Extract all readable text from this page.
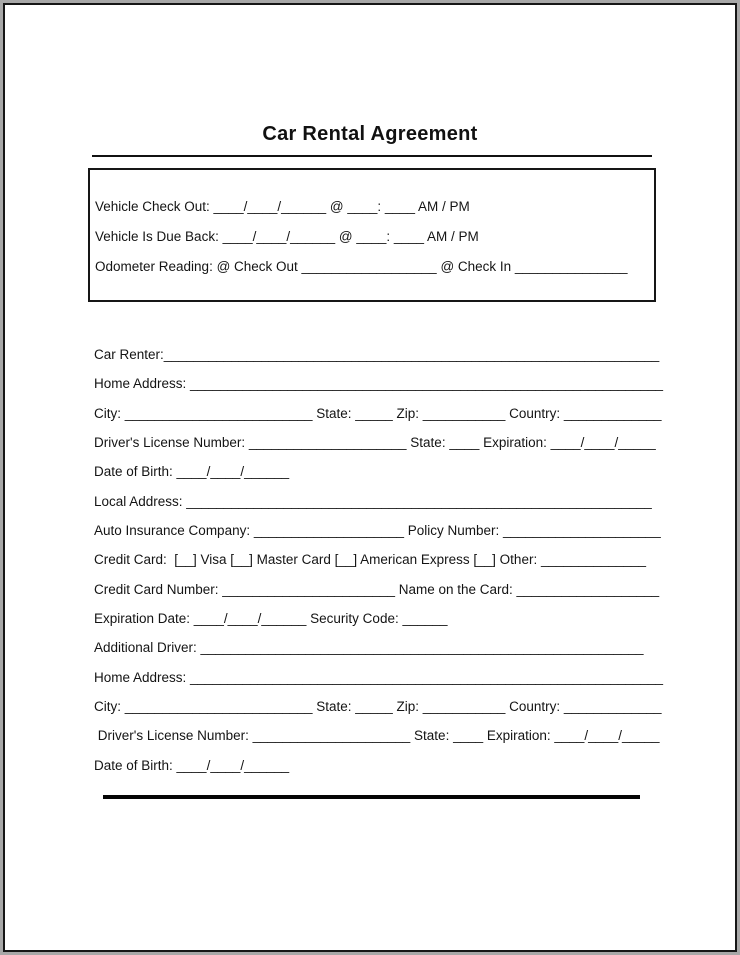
Car Rental Agreement
Vehicle Check Out: ____/____/______ @ ____: ____ AM / PM
Vehicle Is Due Back: ____/____/______ @ ____: ____ AM / PM
Odometer Reading: @ Check Out __________________ @ Check In _______________
Car Renter:__________________________________________________________________
Home Address: _______________________________________________________________
City: _________________________ State: _____ Zip: ___________ Country: _____________
Driver's License Number: _____________________ State: ____ Expiration: ____/____/_____
Date of Birth: ____/____/______
Local Address: ______________________________________________________________
Auto Insurance Company: ____________________ Policy Number: _____________________
Credit Card:  [__] Visa [__] Master Card [__] American Express [__] Other: ______________
Credit Card Number: _______________________ Name on the Card: ___________________
Expiration Date: ____/____/______ Security Code: ______
Additional Driver: ___________________________________________________________
Home Address: _______________________________________________________________
City: _________________________ State: _____ Zip: ___________ Country: _____________
Driver's License Number: _____________________ State: ____ Expiration: ____/____/_____
Date of Birth: ____/____/______
